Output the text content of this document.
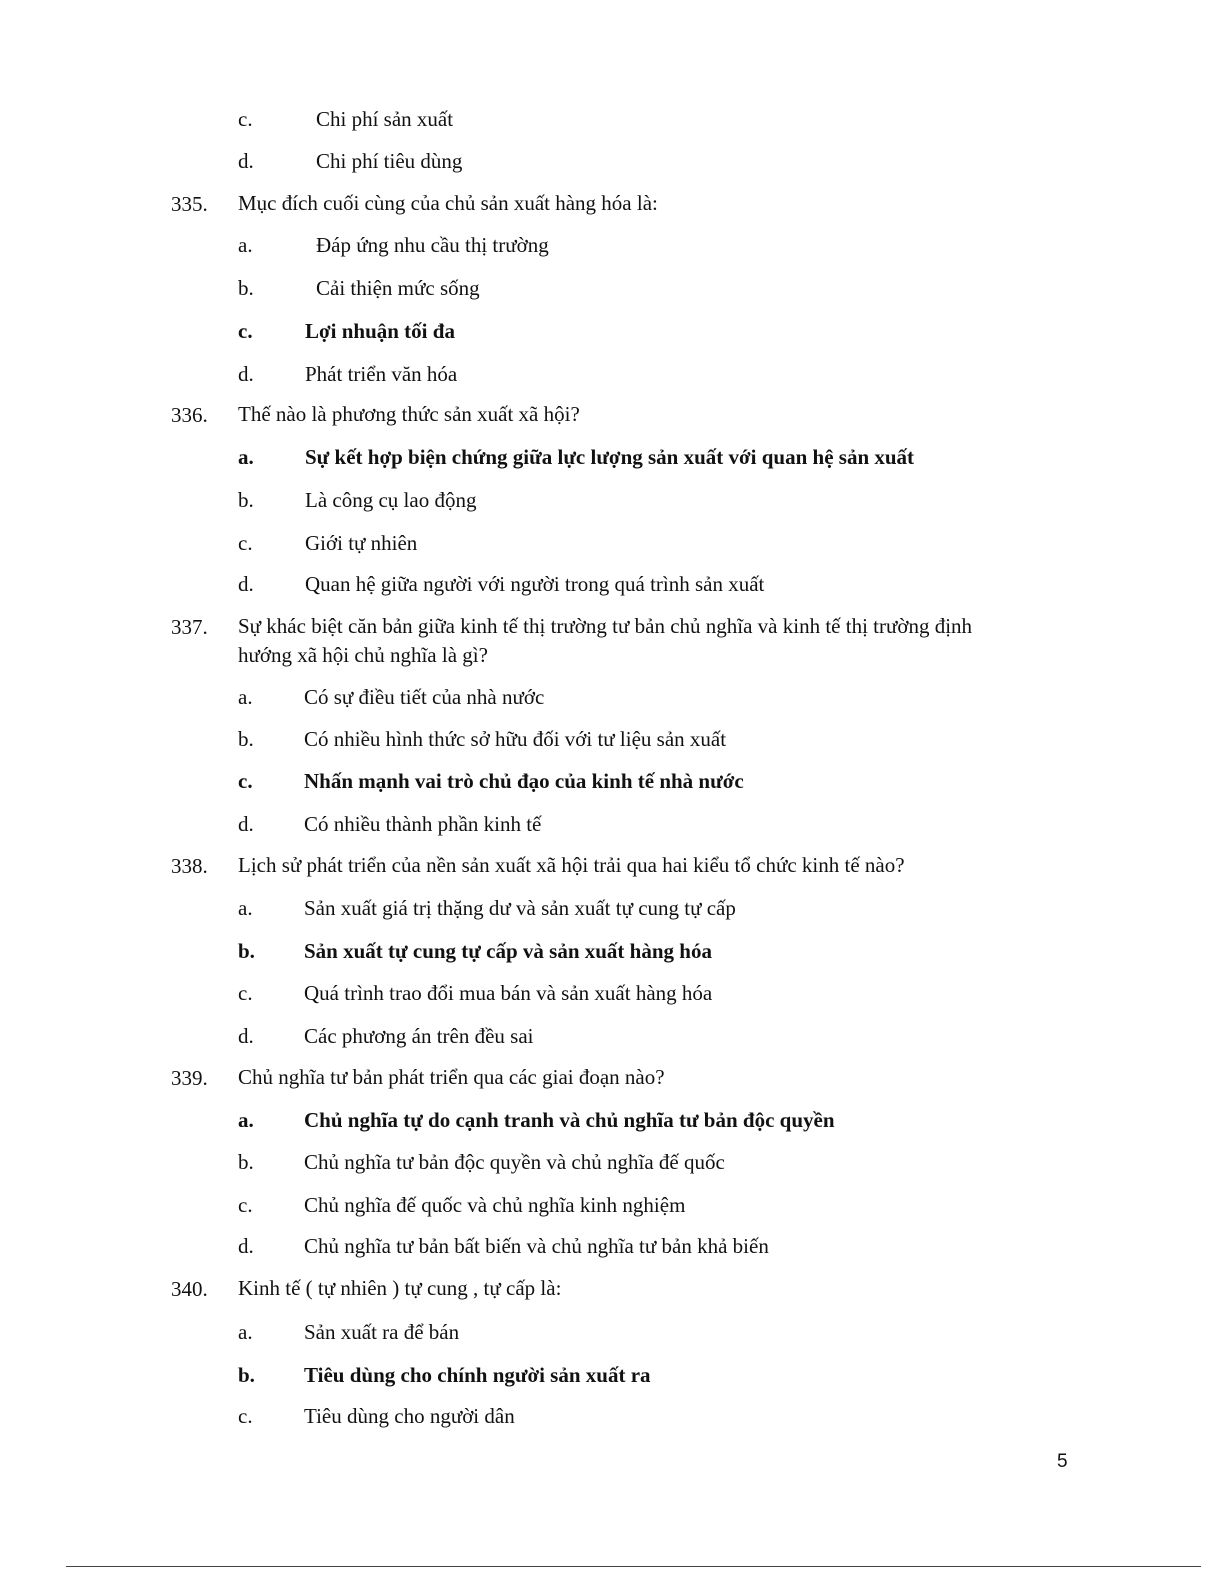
c.	Chi phí sản xuất
d.	Chi phí tiêu dùng
335. Mục đích cuối cùng của chủ sản xuất hàng hóa là:
a.	Đáp ứng nhu cầu thị trường
b.	Cải thiện mức sống
c. Lợi nhuận tối đa
d. Phát triển văn hóa
336. Thế nào là phương thức sản xuất xã hội?
a. Sự kết hợp biện chứng giữa lực lượng sản xuất với quan hệ sản xuất
b. Là công cụ lao động
c. Giới tự nhiên
d. Quan hệ giữa người với người trong quá trình sản xuất
337. Sự khác biệt căn bản giữa kinh tế thị trường tư bản chủ nghĩa và kinh tế thị trường định hướng xã hội chủ nghĩa là gì?
a. Có sự điều tiết của nhà nước
b. Có nhiều hình thức sở hữu đối với tư liệu sản xuất
c. Nhấn mạnh vai trò chủ đạo của kinh tế nhà nước
d. Có nhiều thành phần kinh tế
338. Lịch sử phát triển của nền sản xuất xã hội trải qua hai kiểu tổ chức kinh tế nào?
a. Sản xuất giá trị thặng dư và sản xuất tự cung tự cấp
b. Sản xuất tự cung tự cấp và sản xuất hàng hóa
c. Quá trình trao đổi mua bán và sản xuất hàng hóa
d. Các phương án trên đều sai
339. Chủ nghĩa tư bản phát triển qua các giai đoạn nào?
a. Chủ nghĩa tự do cạnh tranh và chủ nghĩa tư bản độc quyền
b. Chủ nghĩa tư bản độc quyền và chủ nghĩa đế quốc
c. Chủ nghĩa đế quốc và chủ nghĩa kinh nghiệm
d. Chủ nghĩa tư bản bất biến và chủ nghĩa tư bản khả biến
340. Kinh tế ( tự nhiên ) tự cung , tự cấp là:
a. Sản xuất ra để bán
b. Tiêu dùng cho chính người sản xuất ra
c. Tiêu dùng cho người dân
5
